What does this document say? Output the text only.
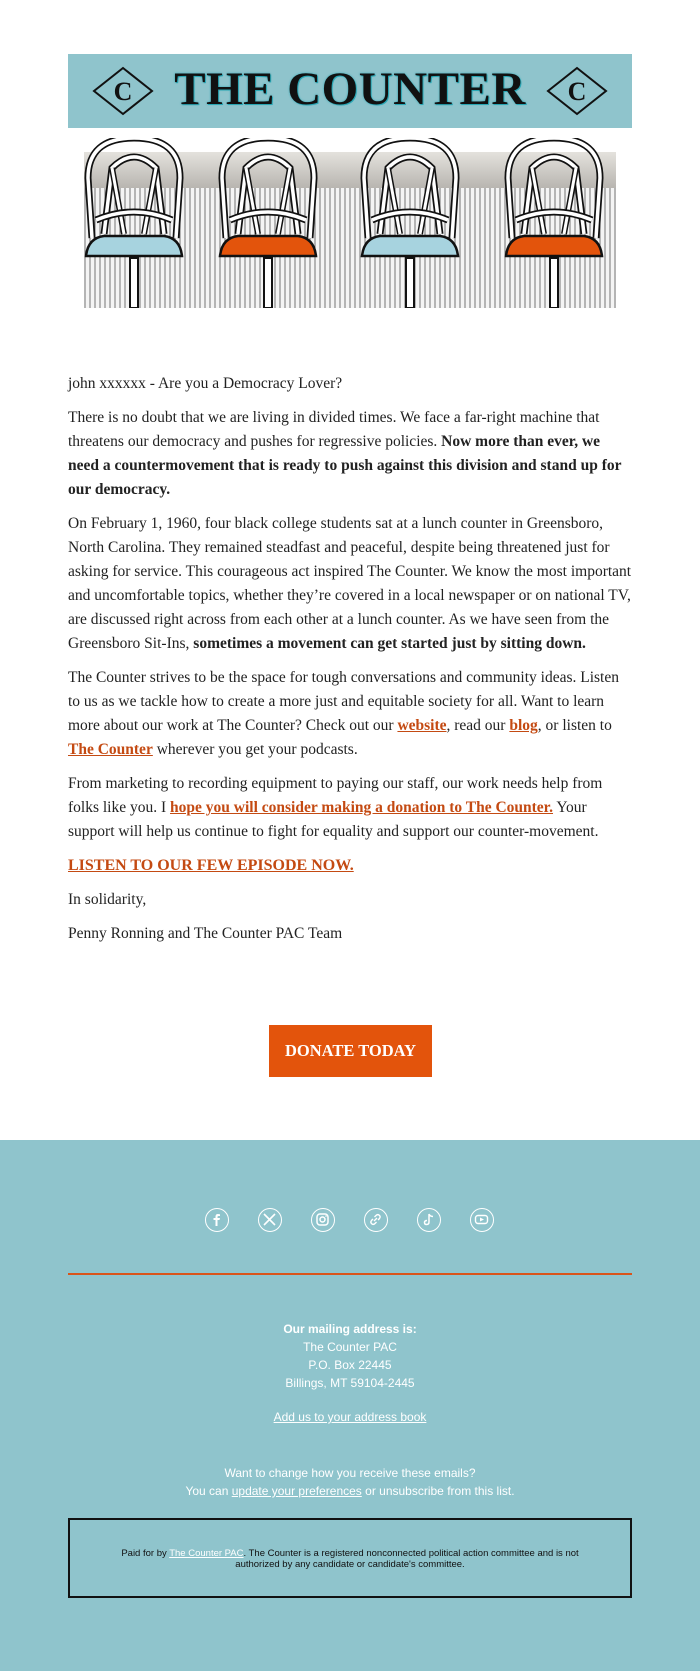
C THE COUNTER	C

john xxxxxx - Are you a Democracy Lover?

There is no doubt that we are living in divided times. We face a far-right machine that threatens our democracy and pushes for regressive policies. Now more than ever, we need a countermovement that is ready to push against this division and stand up for our democracy.

On February 1, 1960, four black college students sat at a lunch counter in Greensboro, North Carolina. They remained steadfast and peaceful, despite being threatened just for asking for service. This courageous act inspired The Counter. We know the most important and uncomfortable topics, whether they’re covered in a local newspaper or on national TV, are discussed right across from each other at a lunch counter. As we have seen from the Greensboro Sit-Ins, sometimes a movement can get started just by sitting down.

The Counter strives to be the space for tough conversations and community ideas. Listen to us as we tackle how to create a more just and equitable society for all. Want to learn more about our work at The Counter? Check out our website, read our blog, or listen to The Counter wherever you get your podcasts.

From marketing to recording equipment to paying our staff, our work needs help from folks like you. I hope you will consider making a donation to The Counter. Your support will help us continue to fight for equality and support our counter-movement.

LISTEN TO OUR FEW EPISODE NOW.

In solidarity,

Penny Ronning and The Counter PAC Team

DONATE TODAY
Our mailing address is:
The Counter PAC
P.O. Box 22445
Billings, MT 59104-2445
Add us to your address book
Want to change how you receive these emails?
You can update your preferences or unsubscribe from this list.
Paid for by The Counter PAC. The Counter is a registered nonconnected political action committee and is not authorized by any candidate or candidate's committee.
